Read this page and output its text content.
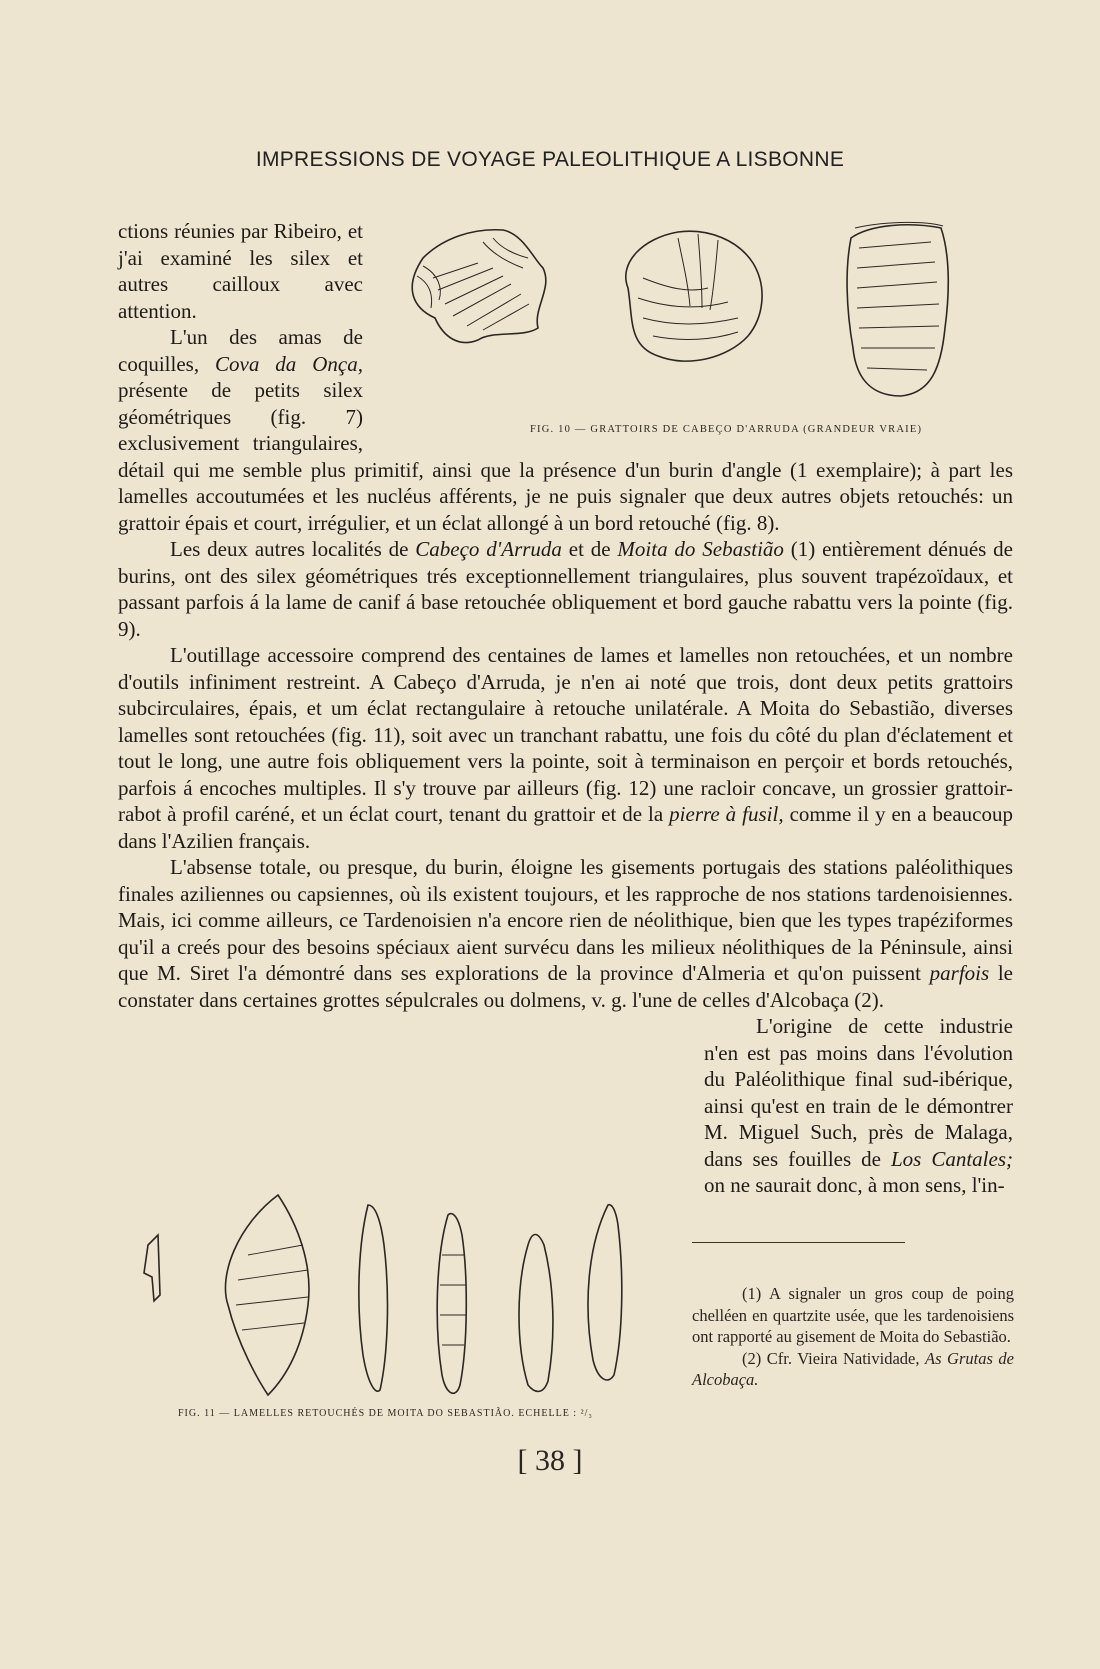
IMPRESSIONS DE VOYAGE PALEOLITHIQUE A LISBONNE

ctions réunies par Ribeiro, et j'ai examiné les silex et autres cailloux avec attention.

L'un des amas de coquilles, Cova da Onça, présente de petits silex géométriques (fig. 7) exclusivement triangulaires, détail qui me semble plus primitif, ainsi que la présence d'un burin d'angle (1 exemplaire); à part les lamelles accoutumées et les nucléus afférents, je ne puis signaler que deux autres objets retouchés: un grattoir épais et court, irrégulier, et un éclat allongé à un bord retouché (fig. 8).

Les deux autres localités de Cabeço d'Arruda et de Moita do Sebastião (1) entièrement dénués de burins, ont des silex géométriques trés exceptionnellement triangulaires, plus souvent trapézoïdaux, et passant parfois á la lame de canif á base retouchée obliquement et bord gauche rabattu vers la pointe (fig. 9).

L'outillage accessoire comprend des centaines de lames et lamelles non retouchées, et un nombre d'outils infiniment restreint. A Cabeço d'Arruda, je n'en ai noté que trois, dont deux petits grattoirs subcirculaires, épais, et um éclat rectangulaire à retouche unilatérale. A Moita do Sebastião, diverses lamelles sont retouchées (fig. 11), soit avec un tranchant rabattu, une fois du côté du plan d'éclatement et tout le long, une autre fois obliquement vers la pointe, soit à terminaison en perçoir et bords retouchés, parfois á encoches multiples. Il s'y trouve par ailleurs (fig. 12) une racloir concave, un grossier grattoir-rabot à profil caréné, et un éclat court, tenant du grattoir et de la pierre à fusil, comme il y en a beaucoup dans l'Azilien français.

L'absense totale, ou presque, du burin, éloigne les gisements portugais des stations paléolithiques finales aziliennes ou capsiennes, où ils existent toujours, et les rapproche de nos stations tardenoisiennes. Mais, ici comme ailleurs, ce Tardenoisien n'a encore rien de néolithique, bien que les types trapéziformes qu'il a creés pour des besoins spéciaux aient survécu dans les milieux néolithiques de la Péninsule, ainsi que M. Siret l'a démontré dans ses explorations de la province d'Almeria et qu'on puissent parfois le constater dans certaines grottes sépulcrales ou dolmens, v. g. l'une de celles d'Alcobaça (2).

L'origine de cette industrie n'en est pas moins dans l'évolution du Paléolithique final sud-ibérique, ainsi qu'est en train de le démontrer M. Miguel Such, près de Malaga, dans ses fouilles de Los Cantales; on ne saurait donc, à mon sens, l'in-

FIG. 10 — GRATTOIRS DE CABEÇO D'ARRUDA (GRANDEUR VRAIE)
FIG. 11 — LAMELLES RETOUCHÉS DE MOITA DO SEBASTIÃO. ECHELLE : ²/₃

(1) A signaler un gros coup de poing chelléen en quartzite usée, que les tardenoisiens ont rapporté au gisement de Moita do Sebastião.

(2) Cfr. Vieira Natividade, As Grutas de Alcobaça.

[ 38 ]
